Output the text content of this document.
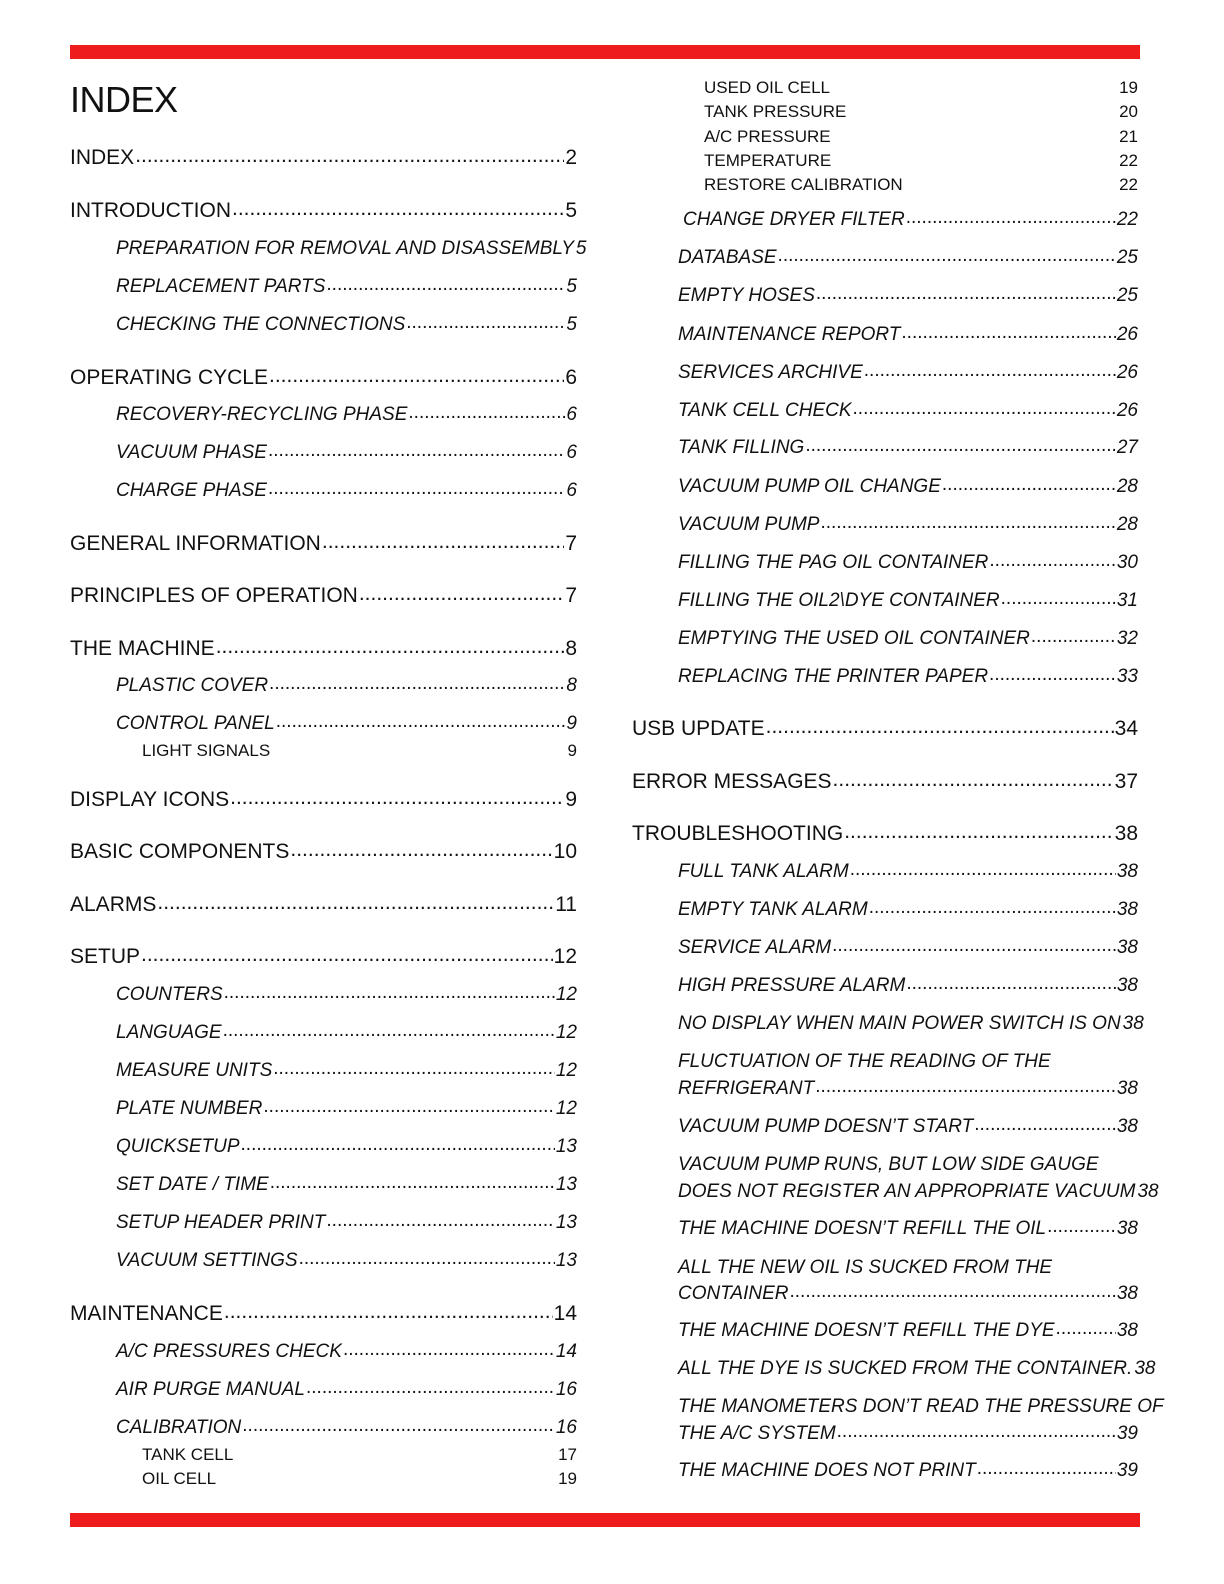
INDEX
INDEX .....	2
INTRODUCTION .....	5
PREPARATION FOR REMOVAL AND DISASSEMBLY 5
REPLACEMENT PARTS .....	5
CHECKING THE CONNECTIONS .....	5
OPERATING CYCLE .....	6
RECOVERY-RECYCLING PHASE .....	6
VACUUM PHASE .....	6
CHARGE PHASE .....	6
GENERAL INFORMATION .....	7
PRINCIPLES OF OPERATION .....	7
THE MACHINE .....	8
PLASTIC COVER .....	8
CONTROL PANEL .....	9
LIGHT SIGNALS	9
DISPLAY ICONS .....	9
BASIC COMPONENTS .....	10
ALARMS .....	11
SETUP .....	12
COUNTERS .....	12
LANGUAGE .....	12
MEASURE UNITS .....	12
PLATE NUMBER .....	12
QUICKSETUP .....	13
SET DATE / TIME .....	13
SETUP HEADER PRINT .....	13
VACUUM SETTINGS .....	13
MAINTENANCE .....	14
A/C PRESSURES CHECK .....	14
AIR PURGE MANUAL .....	16
CALIBRATION .....	16
TANK CELL	17
OIL CELL	19
USED OIL CELL	19
TANK PRESSURE	20
A/C PRESSURE	21
TEMPERATURE	22
RESTORE CALIBRATION	22
CHANGE DRYER FILTER .....	22
DATABASE .....	25
EMPTY HOSES .....	25
MAINTENANCE REPORT .....	26
SERVICES ARCHIVE .....	26
TANK CELL CHECK .....	26
TANK FILLING .....	27
VACUUM PUMP OIL CHANGE .....	28
VACUUM PUMP .....	28
FILLING THE PAG OIL CONTAINER .....	30
FILLING THE OIL2\DYE CONTAINER .....	31
EMPTYING THE USED OIL CONTAINER .....	32
REPLACING THE PRINTER PAPER .....	33
USB UPDATE .....	34
ERROR MESSAGES .....	37
TROUBLESHOOTING .....	38
FULL TANK ALARM .....	38
EMPTY TANK ALARM .....	38
SERVICE ALARM .....	38
HIGH PRESSURE ALARM .....	38
NO DISPLAY WHEN MAIN POWER SWITCH IS ON 38
FLUCTUATION OF THE READING OF THE
REFRIGERANT .....	38
VACUUM PUMP DOESN’T START .....	38
VACUUM PUMP RUNS, BUT LOW SIDE GAUGE
DOES NOT REGISTER AN APPROPRIATE VACUUM 38
THE MACHINE DOESN’T REFILL THE OIL .....	38
ALL THE NEW OIL IS SUCKED FROM THE
CONTAINER .....	38
THE MACHINE DOESN’T REFILL THE DYE .....	38
ALL THE DYE IS SUCKED FROM THE CONTAINER. 38
THE MANOMETERS DON’T READ THE PRESSURE OF
THE A/C SYSTEM .....	39
THE MACHINE DOES NOT PRINT .....	39
